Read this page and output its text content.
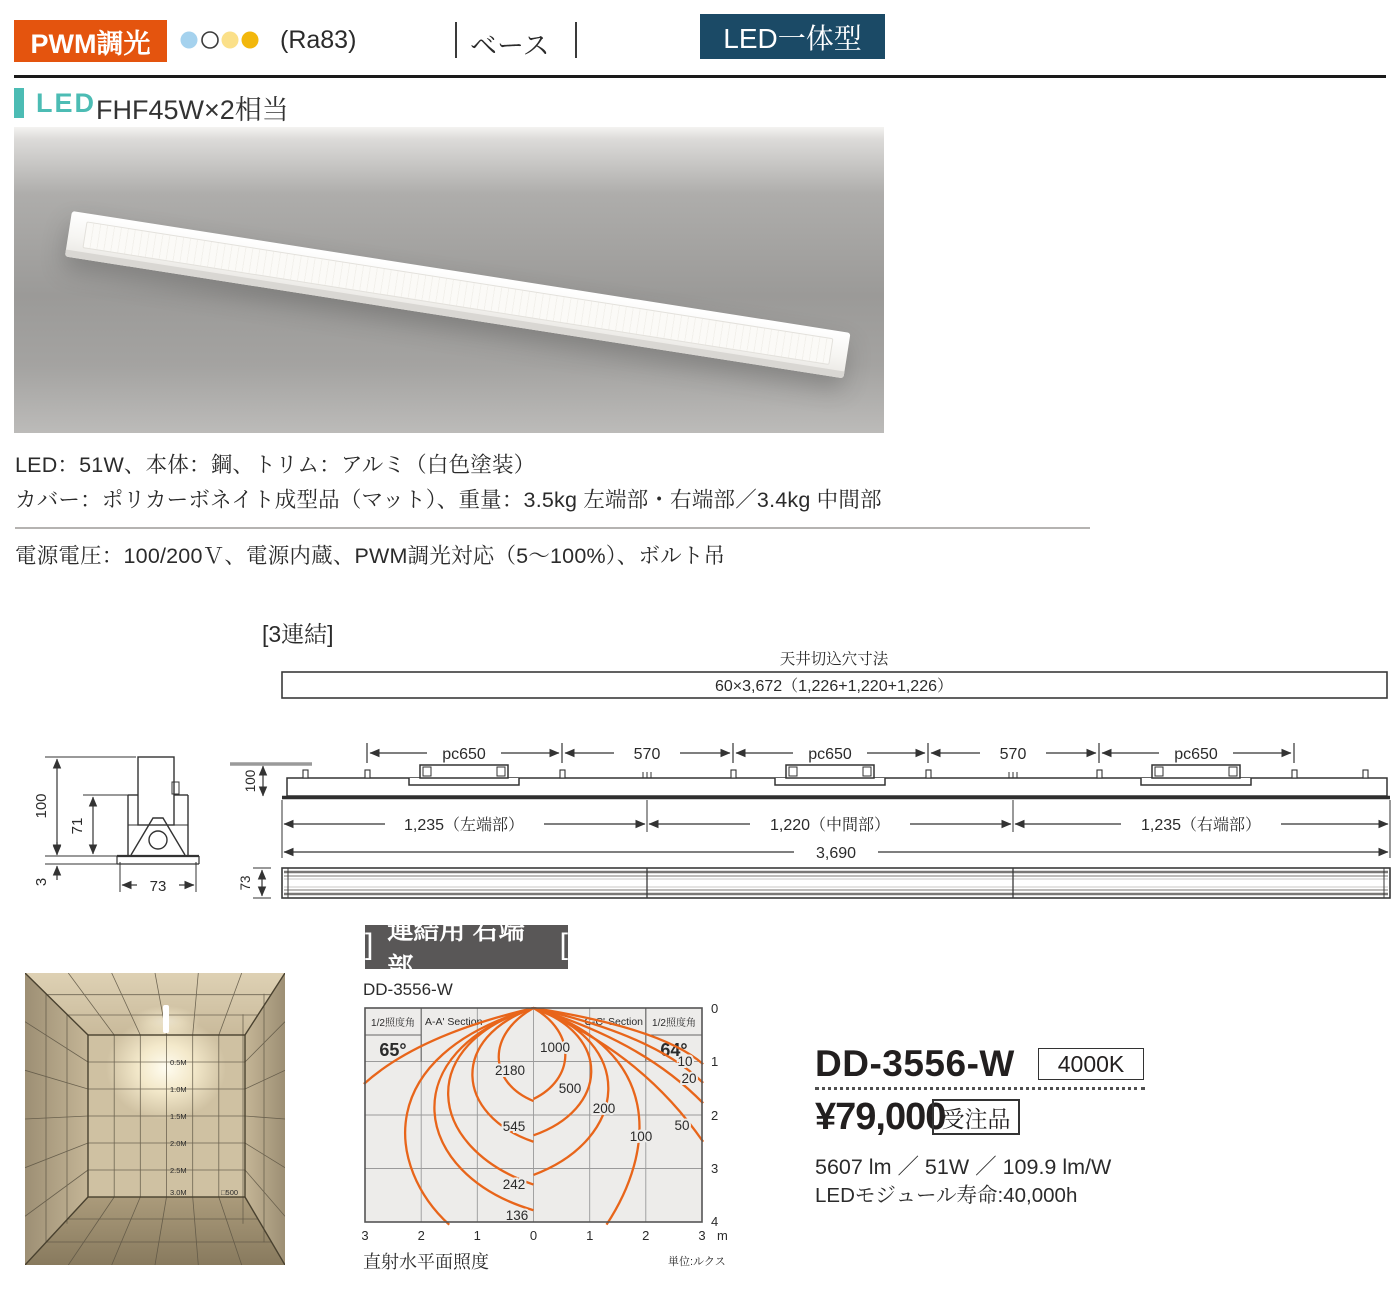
PWM調光	(Ra83)	ベース	LED一体型
LED FHF45W×2相当
LED：51W、本体：鋼、トリム：アルミ（白色塗装）
カバー：ポリカーボネイト成型品（マット）、重量：3.5kg 左端部・右端部／3.4kg 中間部
電源電圧：100/200Ｖ、電源内蔵、PWM調光対応（5～100%）、ボルト吊
[3連結]
天井切込穴寸法
60×3,672（1,226+1,220+1,226）
pc650	570	pc650	570	pc650
100
1,235（左端部）	1,220（中間部）	1,235（右端部）
3,690
100
71
3	73	73
] 連結用 右端部
[
0.5M
1.0M
1.5M
2.0M
2.5M
3.0M	□500
DD-3556-W
1/2照度角 A-A' Section
65°
C-C' Section 1/2照度角
64°
1000
2180
500
200
545
100
50
20
10
242
136
0
1
2
3
4
3	2	1	0	1	2	3 m
直射水平面照度	単位:ルクス
DD-3556-W 4000K
¥79,000
受注品
5607 lm ／ 51W ／ 109.9 lm/W
LEDモジュール寿命:40,000h
